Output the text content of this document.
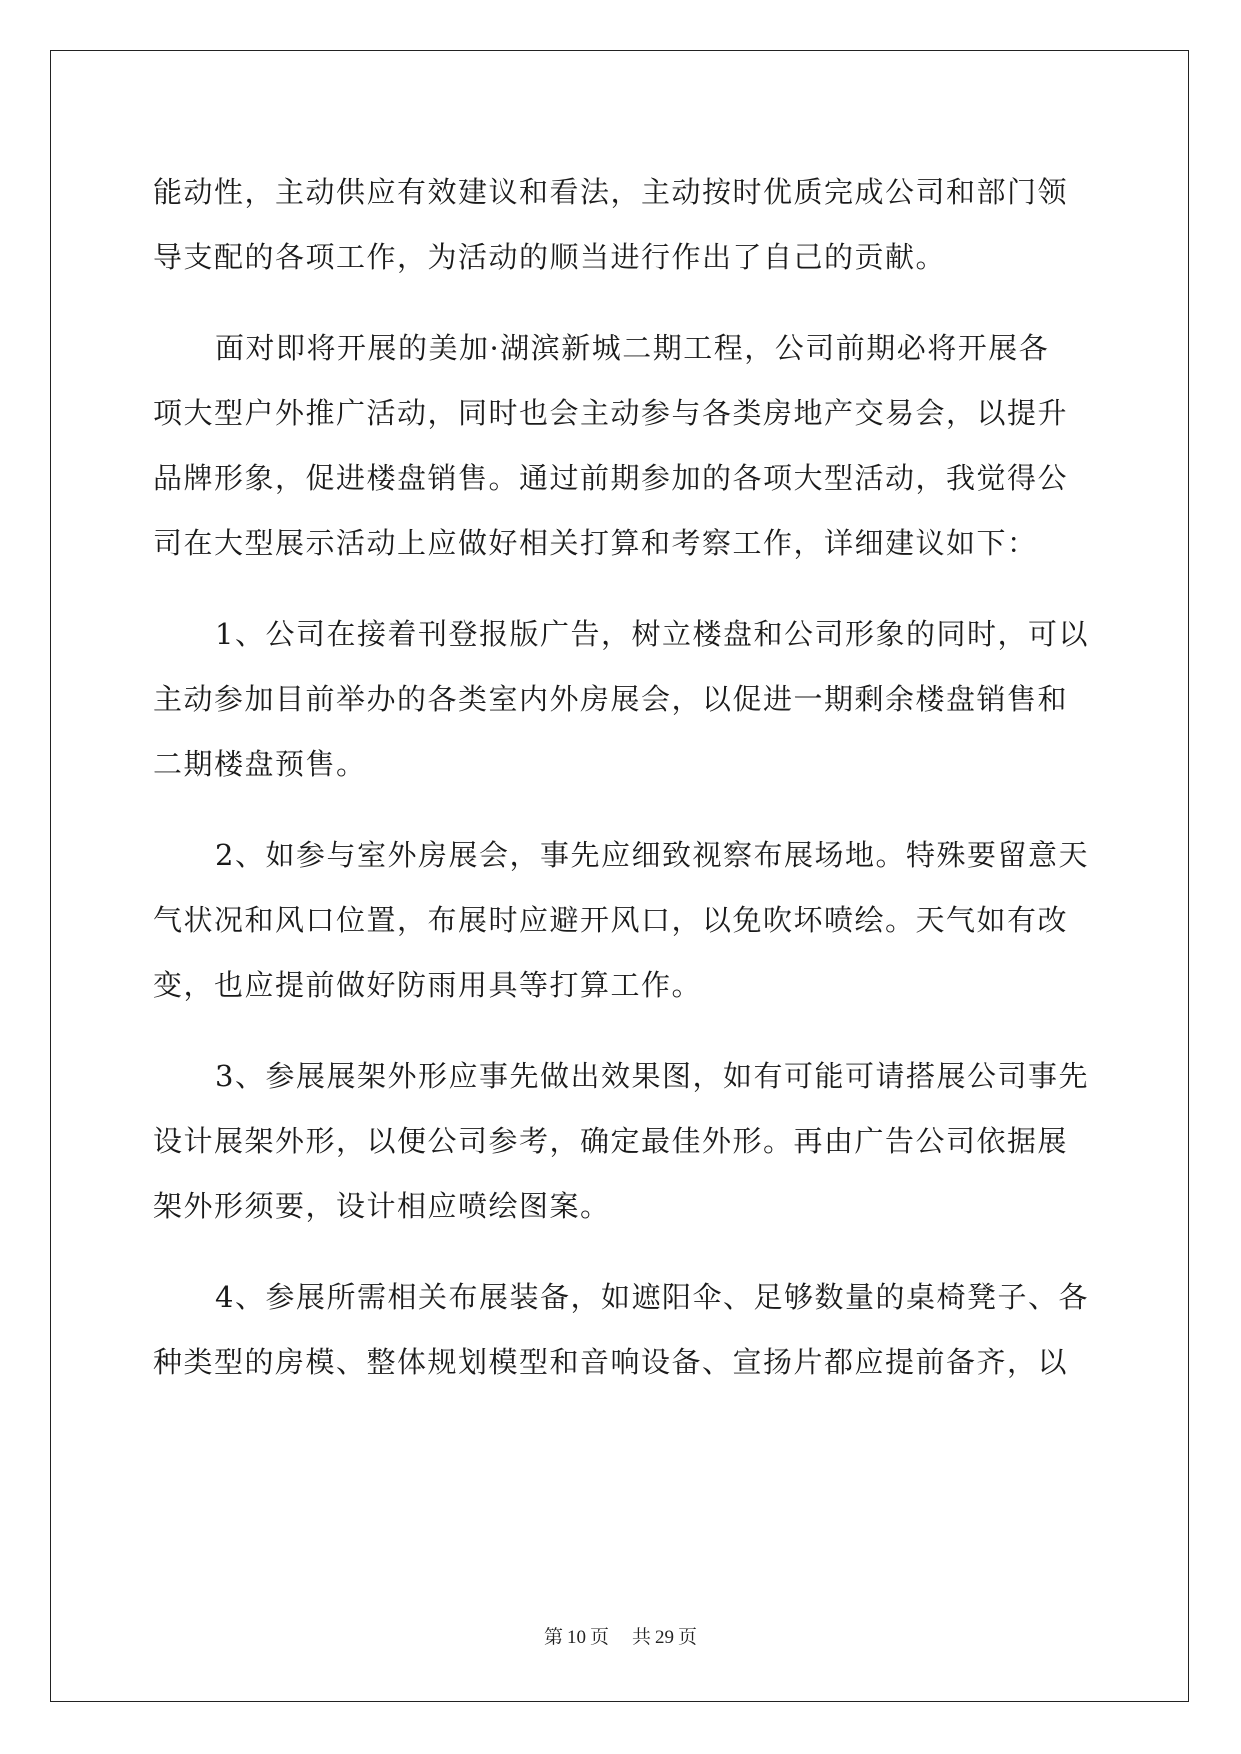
能动性，主动供应有效建议和看法，主动按时优质完成公司和部门领
导支配的各项工作，为活动的顺当进行作出了自己的贡献。
面对即将开展的美加·湖滨新城二期工程，公司前期必将开展各
项大型户外推广活动，同时也会主动参与各类房地产交易会，以提升
品牌形象，促进楼盘销售。通过前期参加的各项大型活动，我觉得公
司在大型展示活动上应做好相关打算和考察工作，详细建议如下：
1、公司在接着刊登报版广告，树立楼盘和公司形象的同时，可以
主动参加目前举办的各类室内外房展会，以促进一期剩余楼盘销售和
二期楼盘预售。
2、如参与室外房展会，事先应细致视察布展场地。特殊要留意天
气状况和风口位置，布展时应避开风口，以免吹坏喷绘。天气如有改
变，也应提前做好防雨用具等打算工作。
3、参展展架外形应事先做出效果图，如有可能可请搭展公司事先
设计展架外形，以便公司参考，确定最佳外形。再由广告公司依据展
架外形须要，设计相应喷绘图案。
4、参展所需相关布展装备，如遮阳伞、足够数量的桌椅凳子、各
种类型的房模、整体规划模型和音响设备、宣扬片都应提前备齐，以
第 10 页 共 29 页
